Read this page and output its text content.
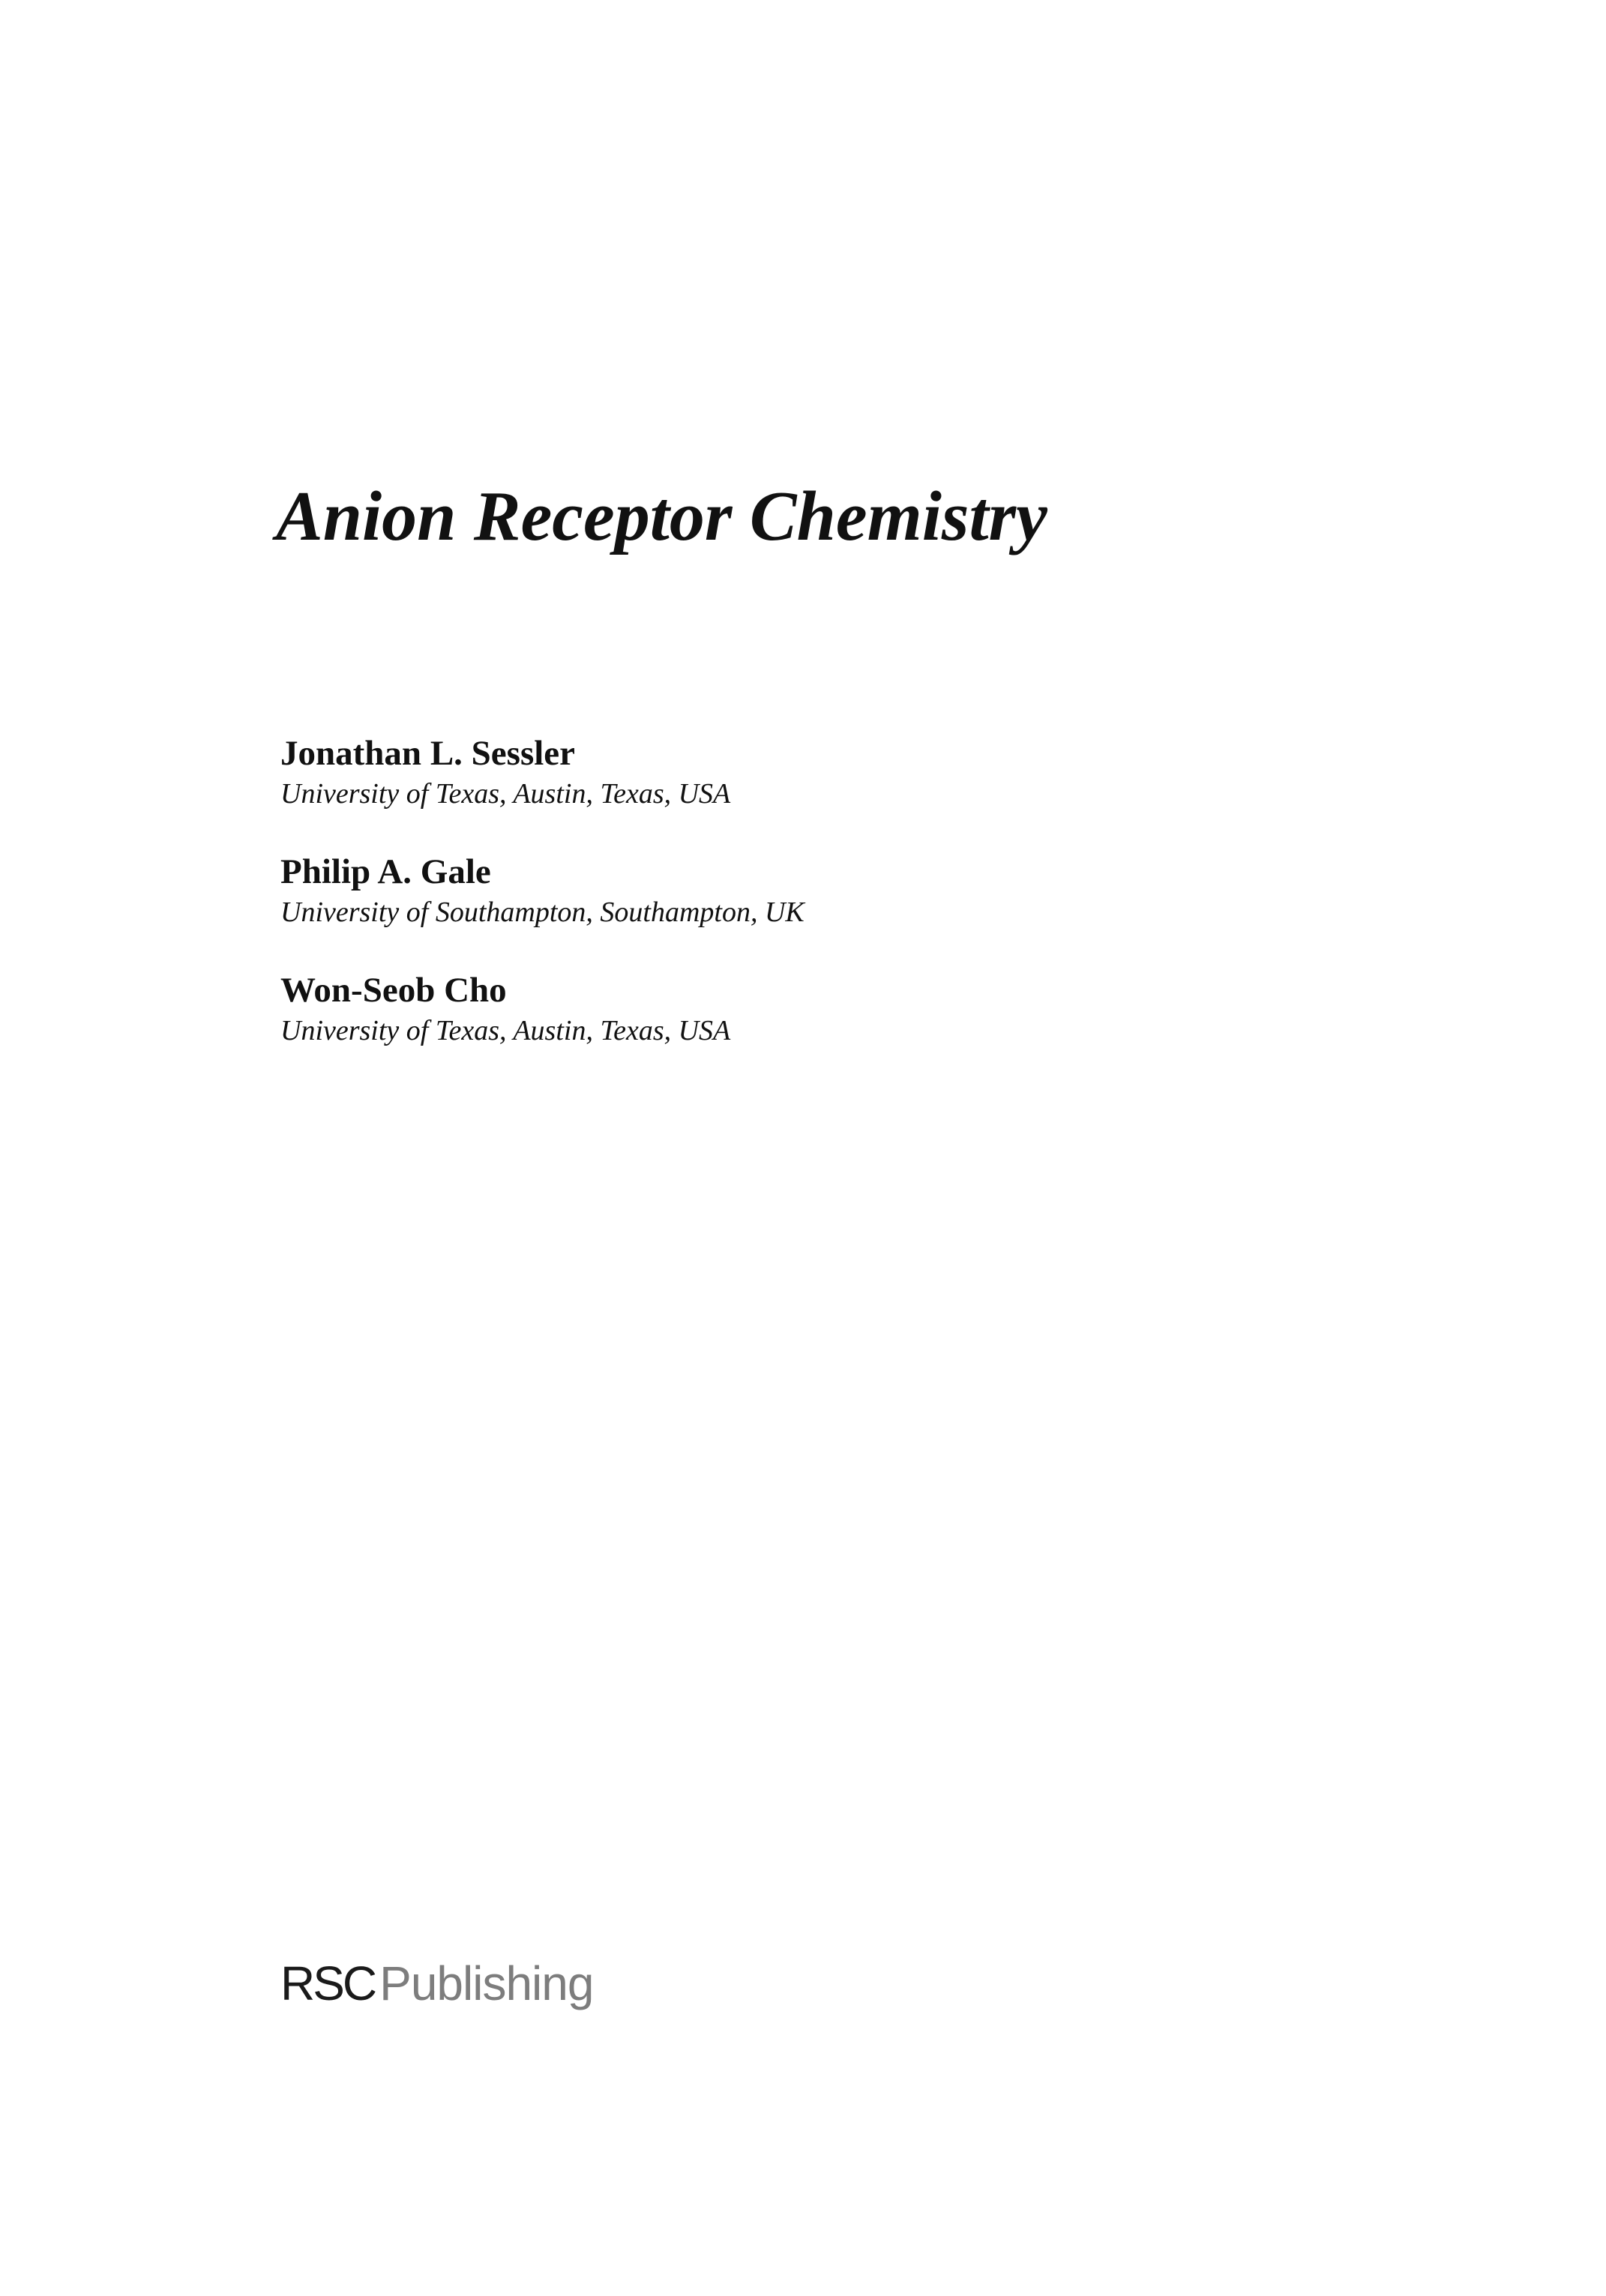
Anion Receptor Chemistry
Jonathan L. Sessler
University of Texas, Austin, Texas, USA
Philip A. Gale
University of Southampton, Southampton, UK
Won-Seob Cho
University of Texas, Austin, Texas, USA
RSCPublishing
